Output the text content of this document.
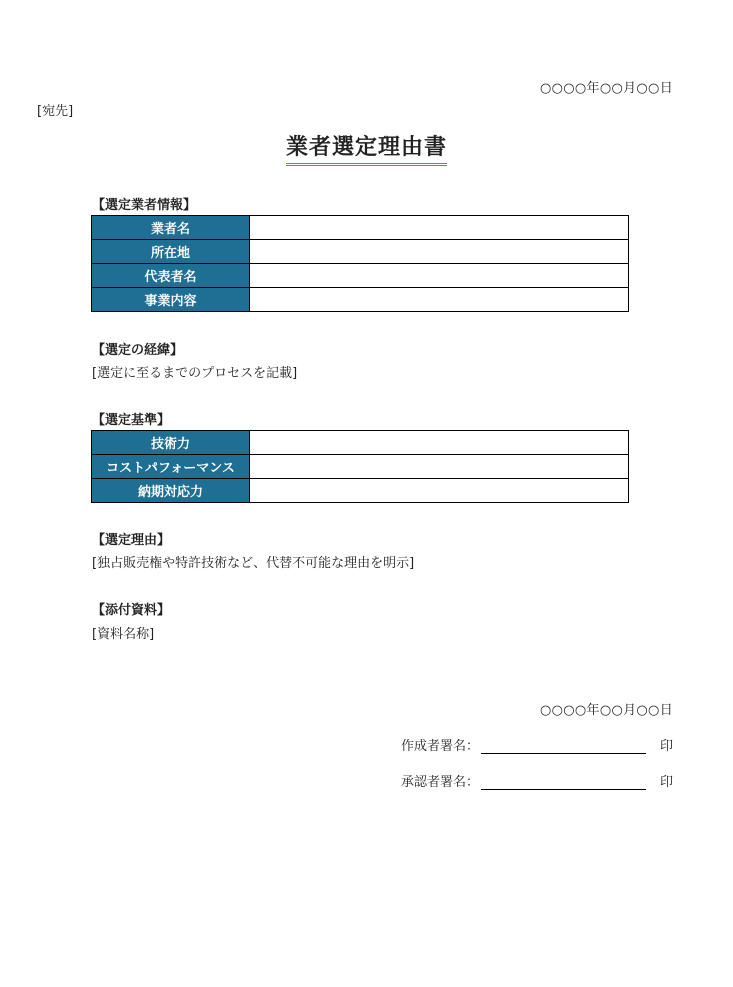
○○○○年○○月○○日
[宛先]
業者選定理由書
【選定業者情報】
業者名	
所在地	
代表者名	
事業内容	
【選定の経緯】
[選定に至るまでのプロセスを記載]
【選定基準】
技術力	
コストパフォーマンス	
納期対応力	
【選定理由】
[独占販売権や特許技術など、代替不可能な理由を明示]
【添付資料】
[資料名称]
○○○○年○○月○○日
作成者署名：	印
承認者署名：	印
